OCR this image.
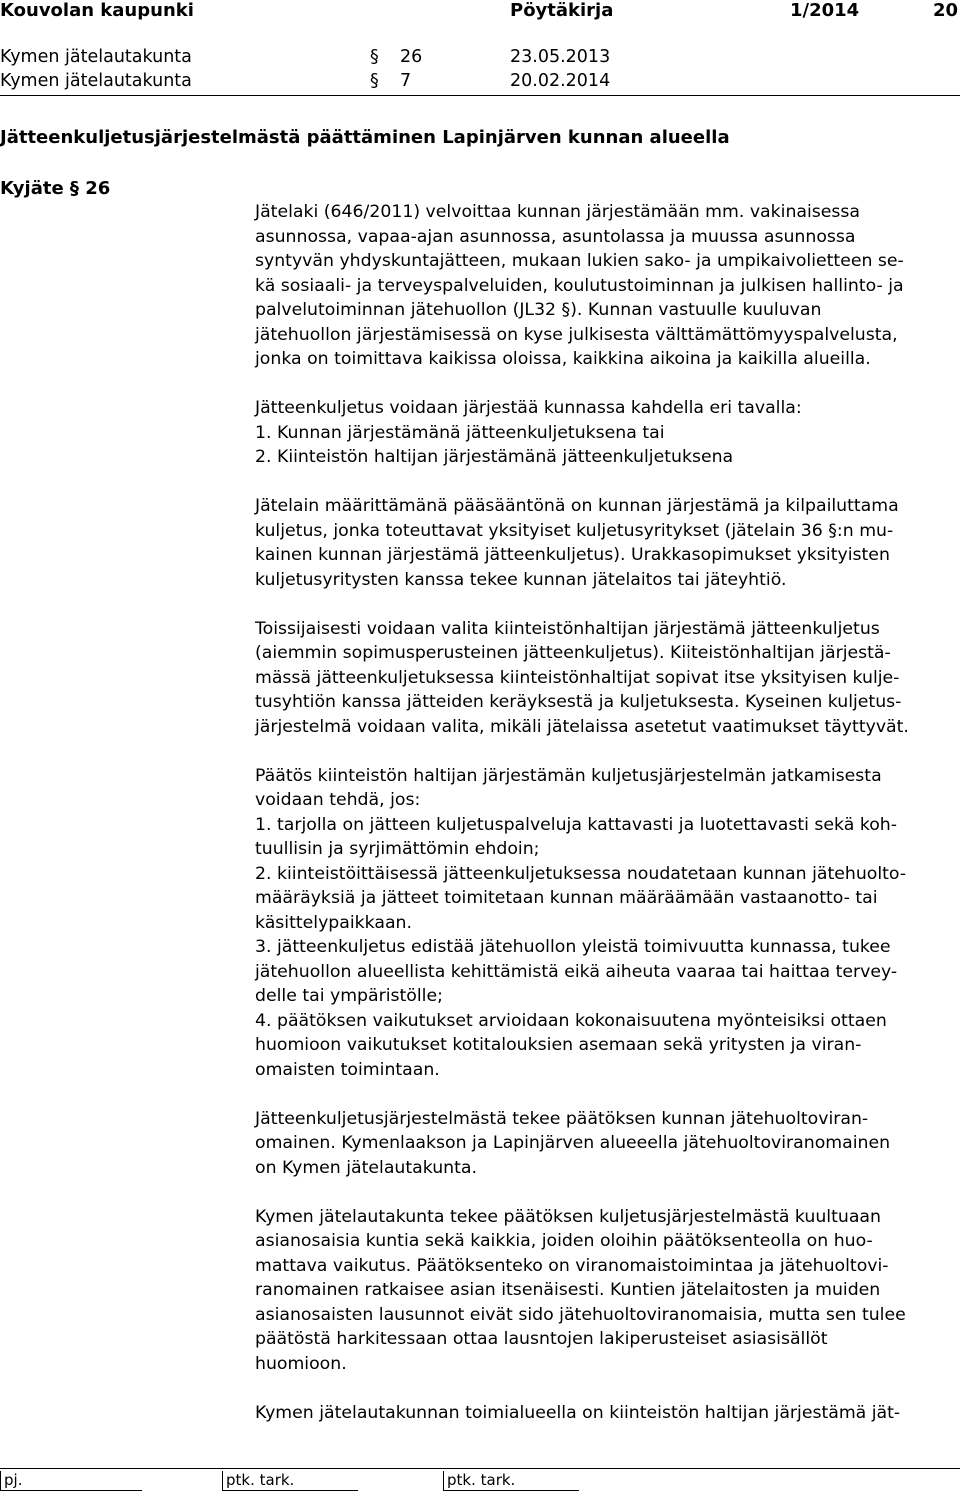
Kouvolan kaupunki	Pöytäkirja	1/2014	20
Kymen jätelautakunta	§ 26	23.05.2013
Kymen jätelautakunta	§ 7	20.02.2014
Jätteenkuljetusjärjestelmästä päättäminen Lapinjärven kunnan alueella
Kyjäte § 26

Jätelaki (646/2011) velvoittaa kunnan järjestämään mm. vakinaisessa
asunnossa, vapaa-ajan asunnossa, asuntolassa ja muussa asunnossa
syntyvän yhdyskuntajätteen, mukaan lukien sako- ja umpikaivolietteen se-
kä sosiaali- ja terveyspalveluiden, koulutustoiminnan ja julkisen hallinto- ja
palvelutoiminnan jätehuollon (JL32 §). Kunnan vastuulle kuuluvan
jätehuollon järjestämisessä on kyse julkisesta välttämättömyyspalvelusta,
jonka on toimittava kaikissa oloissa, kaikkina aikoina ja kaikilla alueilla.

Jätteenkuljetus voidaan järjestää kunnassa kahdella eri tavalla:
1. Kunnan järjestämänä jätteenkuljetuksena tai
2. Kiinteistön haltijan järjestämänä jätteenkuljetuksena

Jätelain määrittämänä pääsääntönä on kunnan järjestämä ja kilpailuttama
kuljetus, jonka toteuttavat yksityiset kuljetusyritykset (jätelain 36 §:n mu-
kainen kunnan järjestämä jätteenkuljetus). Urakkasopimukset yksityisten
kuljetusyritysten kanssa tekee kunnan jätelaitos tai jäteyhtiö.

Toissijaisesti voidaan valita kiinteistönhaltijan järjestämä jätteenkuljetus
(aiemmin sopimusperusteinen jätteenkuljetus). Kiiteistönhaltijan järjestä-
mässä jätteenkuljetuksessa kiinteistönhaltijat sopivat itse yksityisen kulje-
tusyhtiön kanssa jätteiden keräyksestä ja kuljetuksesta. Kyseinen kuljetus-
järjestelmä voidaan valita, mikäli jätelaissa asetetut vaatimukset täyttyvät.

Päätös kiinteistön haltijan järjestämän kuljetusjärjestelmän jatkamisesta
voidaan tehdä, jos:
1. tarjolla on jätteen kuljetuspalveluja kattavasti ja luotettavasti sekä koh-
tuullisin ja syrjimättömin ehdoin;
2. kiinteistöittäisessä jätteenkuljetuksessa noudatetaan kunnan jätehuolto-
määräyksiä ja jätteet toimitetaan kunnan määräämään vastaanotto- tai
käsittelypaikkaan.
3. jätteenkuljetus edistää jätehuollon yleistä toimivuutta kunnassa, tukee
jätehuollon alueellista kehittämistä eikä aiheuta vaaraa tai haittaa tervey-
delle tai ympäristölle;
4. päätöksen vaikutukset arvioidaan kokonaisuutena myönteisiksi ottaen
huomioon vaikutukset kotitalouksien asemaan sekä yritysten ja viran-
omaisten toimintaan.

Jätteenkuljetusjärjestelmästä tekee päätöksen kunnan jätehuoltoviran-
omainen. Kymenlaakson ja Lapinjärven alueeella jätehuoltoviranomainen
on Kymen jätelautakunta.

Kymen jätelautakunta tekee päätöksen kuljetusjärjestelmästä kuultuaan
asianosaisia kuntia sekä kaikkia, joiden oloihin päätöksenteolla on huo-
mattava vaikutus. Päätöksenteko on viranomaistoimintaa ja jätehuoltovi-
ranomainen ratkaisee asian itsenäisesti. Kuntien jätelaitosten ja muiden
asianosaisten lausunnot eivät sido jätehuoltoviranomaisia, mutta sen tulee
päätöstä harkitessaan ottaa lausntojen lakiperusteiset asiasisällöt
huomioon.

Kymen jätelautakunnan toimialueella on kiinteistön haltijan järjestämä jät-

pj.	ptk. tark.	ptk. tark.
